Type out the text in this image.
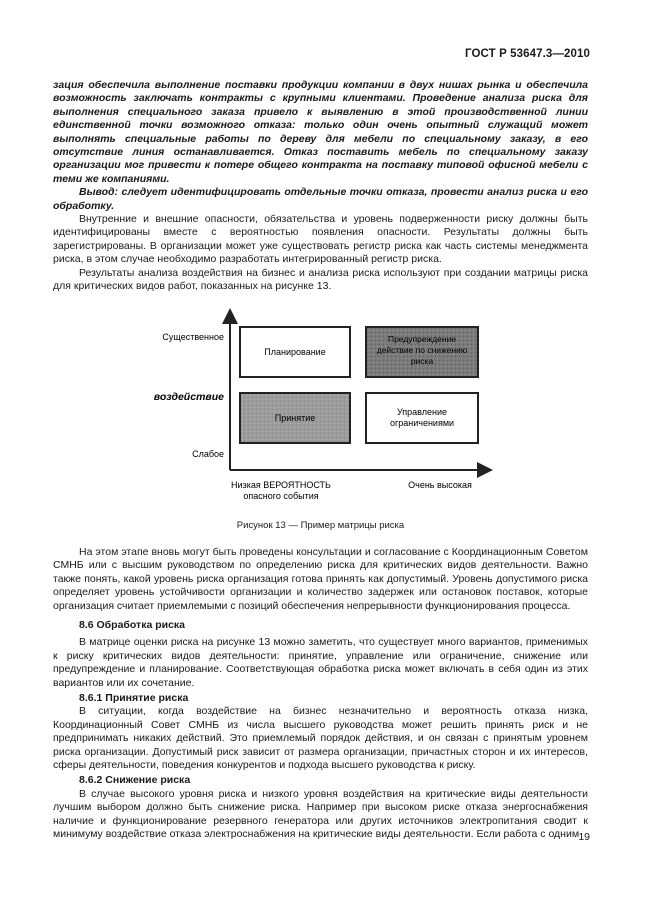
ГОСТ Р 53647.3—2010

зация обеспечила выполнение поставки продукции компании в двух нишах рынка и обеспечила возможность заключать контракты с крупными клиентами. Проведение анализа риска для выполнения специального заказа привело к выявлению в этой производственной линии единственной точки возможного отказа: только один очень опытный служащий может выполнять специальные работы по дереву для мебели по специальному заказу, в его отсутствие линия останавливается. Отказ поставить мебель по специальному заказу организации мог привести к потере общего контракта на поставку типовой офисной мебели с теми же компаниями.

Вывод: следует идентифицировать отдельные точки отказа, провести анализ риска и его обработку.

Внутренние и внешние опасности, обязательства и уровень подверженности риску должны быть идентифицированы вместе с вероятностью появления опасности. Результаты должны быть зарегистрированы. В организации может уже существовать регистр риска как часть системы менеджмента риска, в этом случае необходимо разработать интегрированный регистр риска.

Результаты анализа воздействия на бизнес и анализа риска используют при создании матрицы риска для критических видов работ, показанных на рисунке 13.

Существенное
воздействие
Слабое
Низкая ВЕРОЯТНОСТЬ
опасного события
Очень высокая
Планирование
Предупреждение
действие по снижению
риска
Принятие
Управление
ограничениями
Рисунок 13 — Пример матрицы риска

На этом этапе вновь могут быть проведены консультации и согласование с Координационным Советом СМНБ или с высшим руководством по определению риска для критических видов деятельности. Важно также понять, какой уровень риска организация готова принять как допустимый. Уровень допустимого риска определяет уровень устойчивости организации и количество задержек или остановок поставок, которые организация считает приемлемыми с позиций обеспечения непрерывности функционирования процесса.

8.6 Обработка риска

В матрице оценки риска на рисунке 13 можно заметить, что существует много вариантов, применимых к риску критических видов деятельности: принятие, управление или ограничение, снижение или предупреждение и планирование. Соответствующая обработка риска может включать в себя один из этих вариантов или их сочетание.

8.6.1 Принятие риска

В ситуации, когда воздействие на бизнес незначительно и вероятность отказа низка, Координационный Совет СМНБ из числа высшего руководства может решить принять риск и не предпринимать никаких действий. Это приемлемый порядок действия, и он связан с принятым уровнем риска организации. Допустимый риск зависит от размера организации, причастных сторон и их интересов, сферы деятельности, поведения конкурентов и подхода высшего руководства к риску.

8.6.2 Снижение риска

В случае высокого уровня риска и низкого уровня воздействия на критические виды деятельности лучшим выбором должно быть снижение риска. Например при высоком риске отказа энергоснабжения наличие и функционирование резервного генератора или других источников электропитания сводит к минимуму воздействие отказа электроснабжения на критические виды деятельности. Если работа с одним 19
